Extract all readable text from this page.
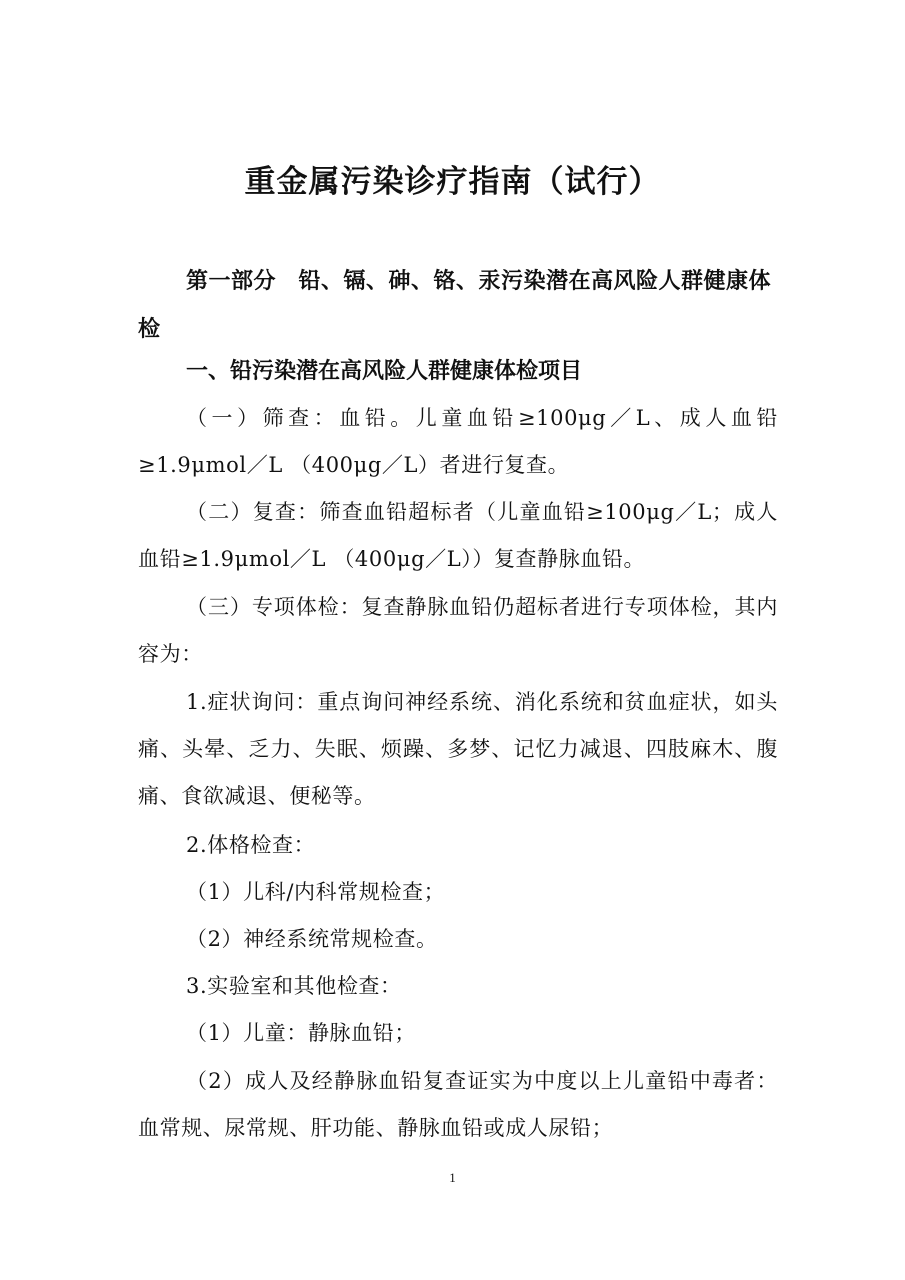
重金属污染诊疗指南（试行）
第一部分　铅、镉、砷、铬、汞污染潜在高风险人群健康体检
一、铅污染潜在高风险人群健康体检项目
（一）筛查：血铅。儿童血铅≥100μg／L、成人血铅≥1.9μmol／L （400μg／L）者进行复查。
（二）复查：筛查血铅超标者（儿童血铅≥100μg／L；成人血铅≥1.9μmol／L （400μg／L））复查静脉血铅。
（三）专项体检：复查静脉血铅仍超标者进行专项体检，其内容为：
1.症状询问：重点询问神经系统、消化系统和贫血症状，如头痛、头晕、乏力、失眠、烦躁、多梦、记忆力减退、四肢麻木、腹痛、食欲减退、便秘等。
2.体格检查：
（1）儿科/内科常规检查；
（2）神经系统常规检查。
3.实验室和其他检查：
（1）儿童：静脉血铅；
（2）成人及经静脉血铅复查证实为中度以上儿童铅中毒者：血常规、尿常规、肝功能、静脉血铅或成人尿铅；
1
